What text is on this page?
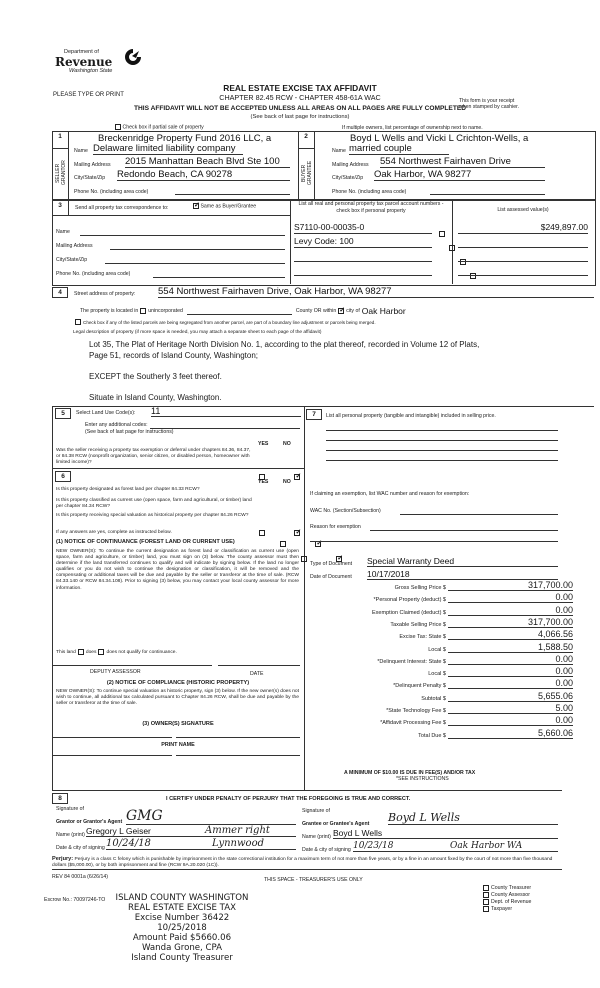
Department of
Revenue
Washington State
PLEASE TYPE OR PRINT
REAL ESTATE EXCISE TAX AFFIDAVIT
CHAPTER 82.45 RCW - CHAPTER 458-61A WAC	This form is your receipt
when stamped by cashier.
THIS AFFIDAVIT WILL NOT BE ACCEPTED UNLESS ALL AREAS ON ALL PAGES ARE FULLY COMPLETED
(See back of last page for instructions)
Check box if partial sale of property	If multiple owners, list percentage of ownership next to name.
1
SELLER GRANTOR
Breckenridge Property Fund 2016 LLC, a
Name Delaware limited liability company
Mailing Address 2015 Manhattan Beach Blvd Ste 100
City/State/Zip Redondo Beach, CA 90278
Phone No. (including area code)
2
BUYER GRANTEE
Boyd L Wells and Vicki L Crichton-Wells, a
Name married couple
Mailing Address 554 Northwest Fairhaven Drive
City/State/Zip Oak Harbor, WA 98277
Phone No. (including area code)
3	Send all property tax correspondence to: ✓	Same as Buyer/Grantee
Name
Mailing Address
City/State/Zip
Phone No. (including area code)
List all real and personal property tax parcel account numbers - check box if personal property	List assessed value(s)
S7110-00-00035-0
	$249,897.00
Levy Code: 100

4	Street address of property: 554 Northwest Fairhaven Drive, Oak Harbor, WA 98277
The property is located in unincorporated	County OR within ✓ city of Oak Harbor
Check box if any of the listed parcels are being segregated from another parcel, are part of a boundary line adjustment or parcels being merged.
Legal description of property (if more space is needed, you may attach a separate sheet to each page of the affidavit)
Lot 35, The Plat of Heritage North Division No. 1, according to the plat thereof, recorded in Volume 12 of Plats,
Page 51, records of Island County, Washington;
EXCEPT the Southerly 3 feet thereof.
Situate in Island County, Washington.
5	Select Land Use Code(s): 11
Enter any additional codes:
(See back of last page for instructions)
YES	NO
Was the seller receiving a property tax exemption or deferral under chapters 84.36, 84.37, or 84.38 RCW (nonprofit organization, senior citizen, or disabled person, homeowner with limited income)?
✓
6
YES	NO
Is this property designated as forest land per chapter 84.33 RCW?
✓
Is this property classified as current use (open space, farm and agricultural, or timber) land per chapter 84.34 RCW?
✓
Is this property receiving special valuation as historical property per chapter 84.26 RCW?
✓
If any answers are yes, complete as instructed below.
(1) NOTICE OF CONTINUANCE (FOREST LAND OR CURRENT USE)
NEW OWNER(S): To continue the current designation as forest land or classification as current use (open space, farm and agriculture, or timber) land, you must sign on (3) below. The county assessor must then determine if the land transferred continues to qualify and will indicate by signing below. If the land no longer qualifies or you do not wish to continue the designation or classification, it will be removed and the compensating or additional taxes will be due and payable by the seller or transferor at the time of sale. (RCW 84.33.140 or RCW 84.34.108). Prior to signing (3) below, you may contact your local county assessor for more information.
This land does does not qualify for continuance.
DEPUTY ASSESSOR	DATE
(2) NOTICE OF COMPLIANCE (HISTORIC PROPERTY)
NEW OWNER(S): To continue special valuation as historic property, sign (3) below. If the new owner(s) does not wish to continue, all additional tax calculated pursuant to Chapter 84.26 RCW, shall be due and payable by the seller or transferor at the time of sale.
(3) OWNER(S) SIGNATURE
PRINT NAME
7	List all personal property (tangible and intangible) included in selling price.
If claiming an exemption, list WAC number and reason for exemption:
WAC No. (Section/Subsection)
Reason for exemption
Type of Document Special Warranty Deed
Date of Document 10/17/2018
Gross Selling Price $	317,700.00
*Personal Property (deduct) $	0.00
Exemption Claimed (deduct) $	0.00
Taxable Selling Price $	317,700.00
Excise Tax: State $	4,066.56
Local $	1,588.50
*Delinquent Interest: State $	0.00
Local $	0.00
*Delinquent Penalty $	0.00
Subtotal $	5,655.06
*State Technology Fee $	5.00
*Affidavit Processing Fee $	0.00
Total Due $	5,660.06
A MINIMUM OF $10.00 IS DUE IN FEE(S) AND/OR TAX
*SEE INSTRUCTIONS
8	I CERTIFY UNDER PENALTY OF PERJURY THAT THE FOREGOING IS TRUE AND CORRECT.
Signature of
Grantor or Grantor's Agent GMG
Name (print) Gregory L Geiser	Ammer right
Date & city of signing 10/24/18	Lynnwood
Signature of
Grantee or Grantee's Agent Boyd L Wells
Name (print) Boyd L Wells
Date & city of signing 10/23/18	Oak Harbor WA
Perjury: Perjury is a class C felony which is punishable by imprisonment in the state correctional institution for a maximum term of not more than five years, or by a fine in an amount fixed by the court of not more than five thousand dollars ($5,000.00), or by both imprisonment and fine (RCW 9A.20.020 (1C)).
REV 84 0001a (6/26/14)	THIS SPACE - TREASURER'S USE ONLY
Escrow No.: 70097246-TO	ISLAND COUNTY WASHINGTON
REAL ESTATE EXCISE TAX
Excise Number 36422
10/25/2018
Amount Paid $5660.06
Wanda Grone, CPA
Island County Treasurer
County Treasurer
County Assessor
Dept. of Revenue
Taxpayer
